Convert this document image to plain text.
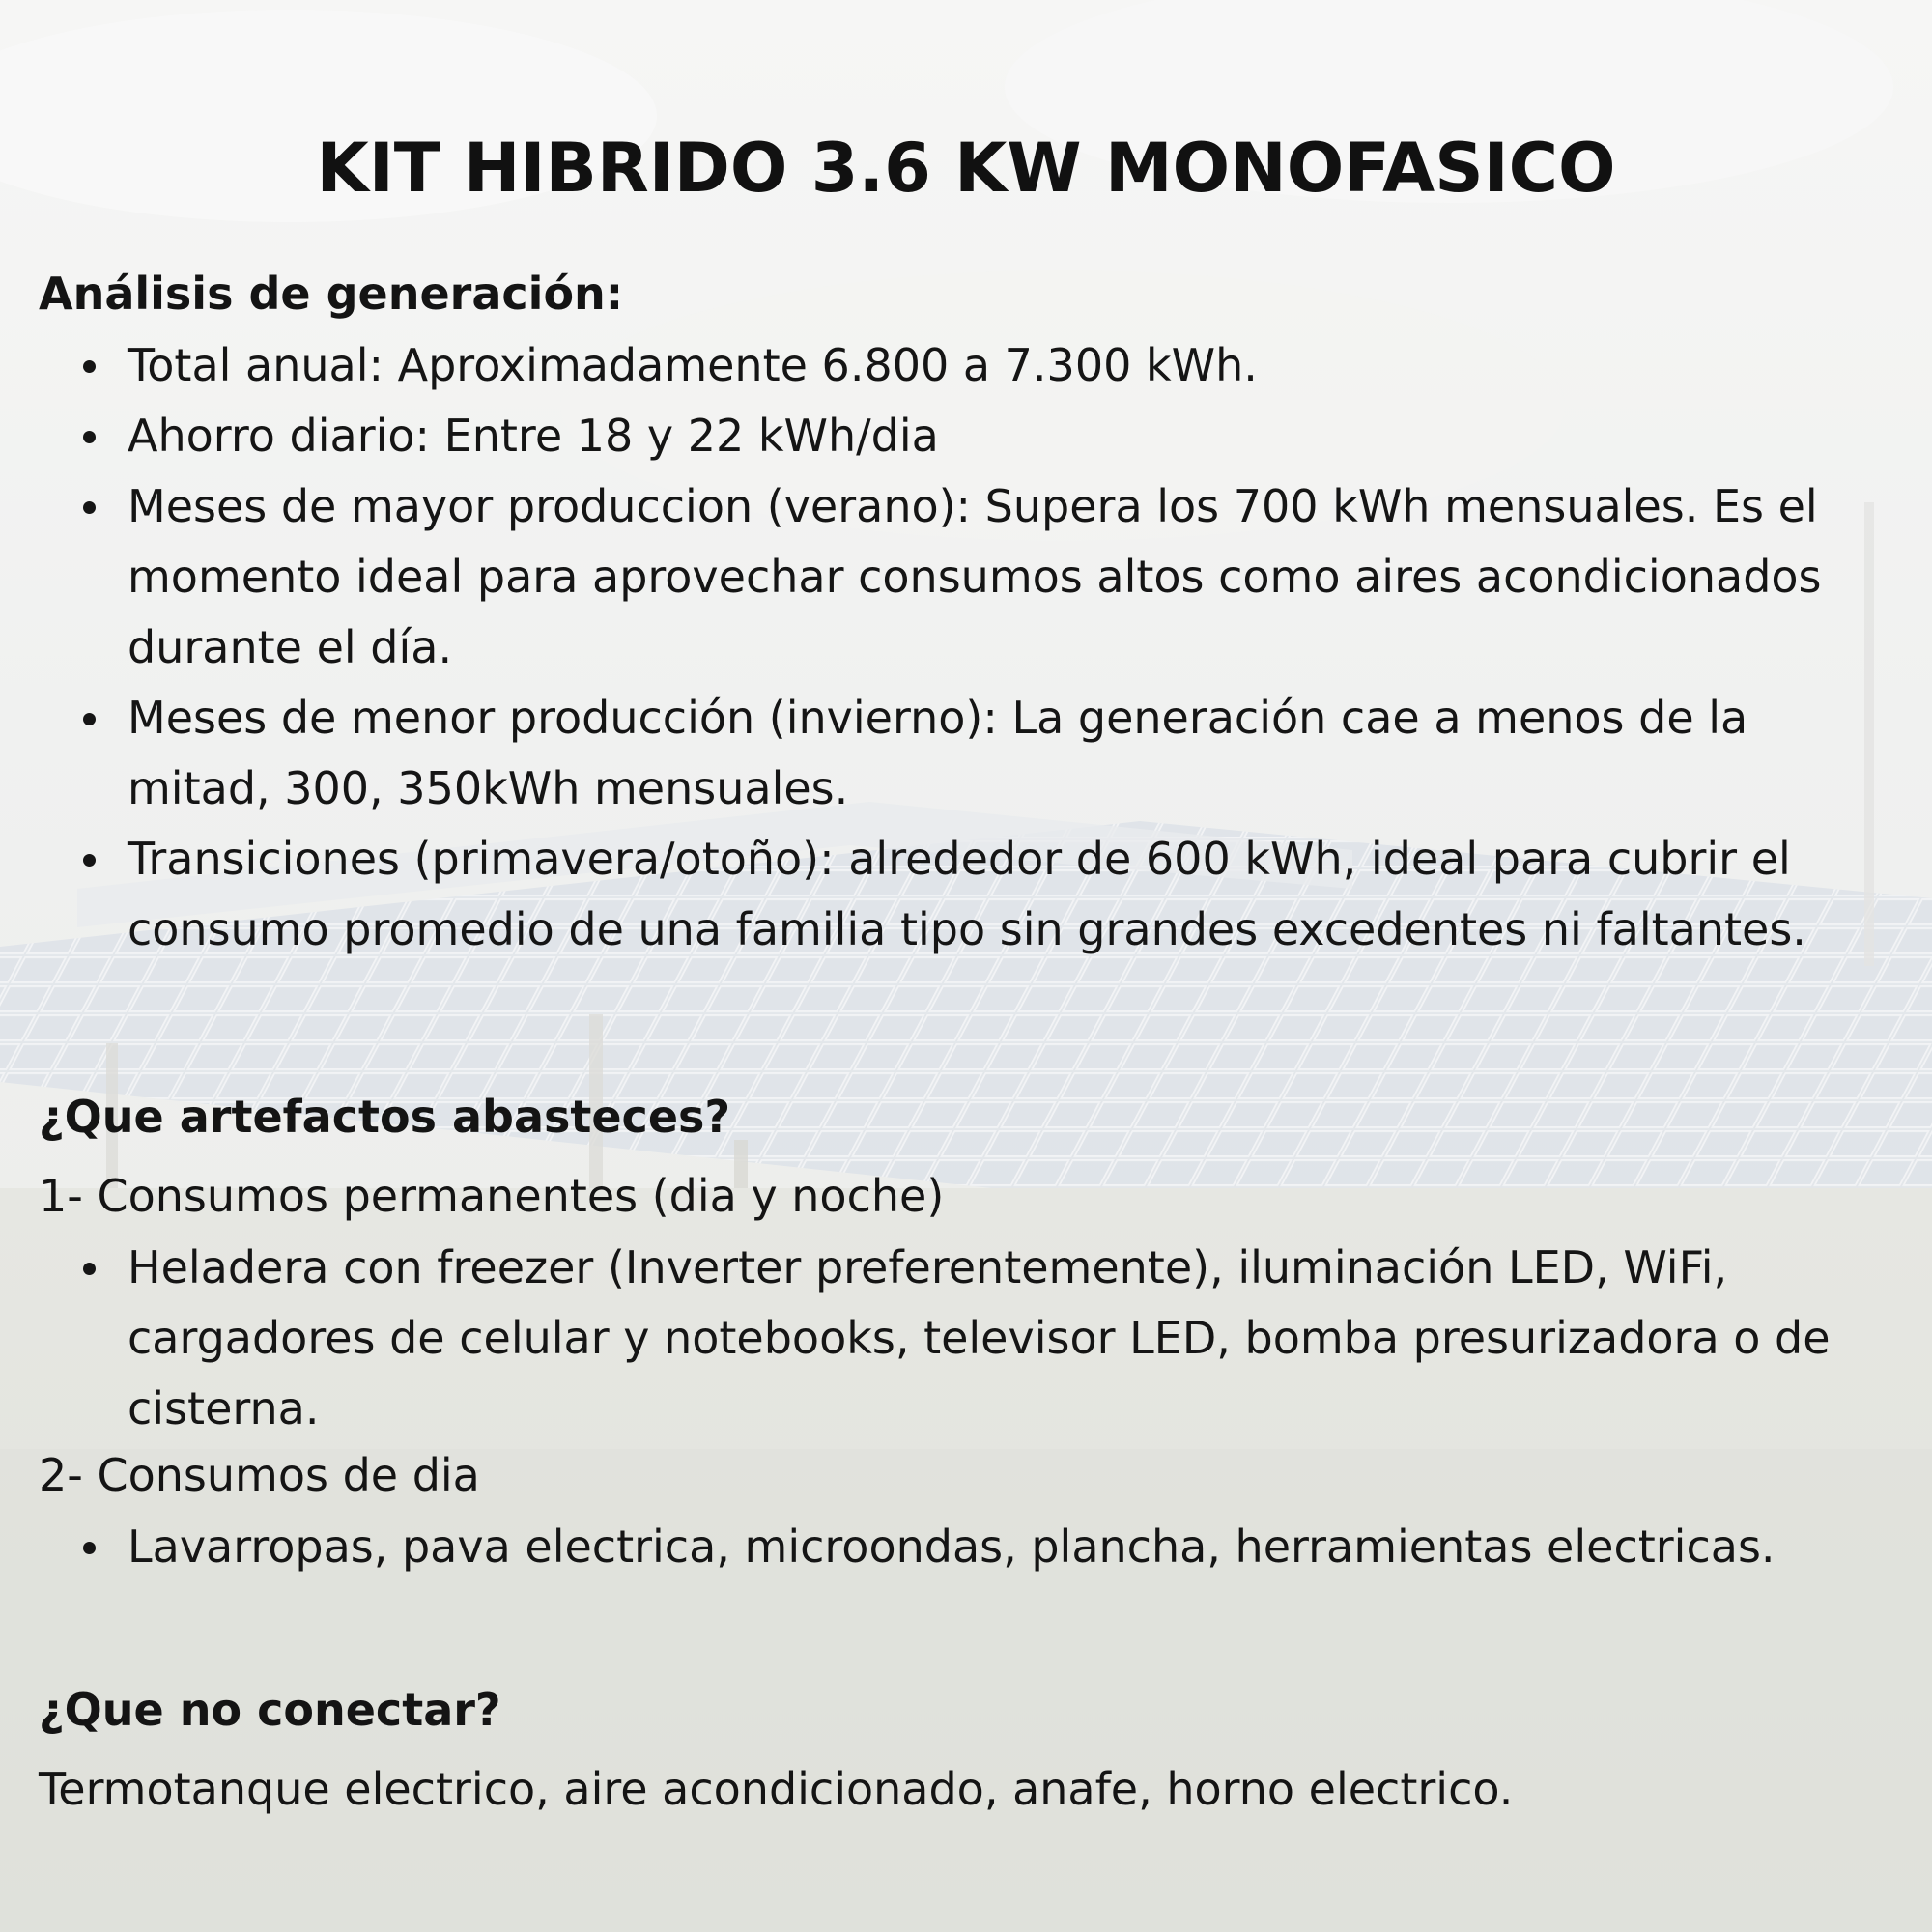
KIT HIBRIDO 3.6 KW MONOFASICO

Análisis de generación:

Total anual: Aproximadamente 6.800 a 7.300 kWh.
Ahorro diario: Entre 18 y 22 kWh/dia
Meses de mayor produccion (verano): Supera los 700 kWh mensuales. Es el momento ideal para aprovechar consumos altos como aires acondicionados durante el día.
Meses de menor producción (invierno): La generación cae a menos de la mitad, 300, 350kWh mensuales.
Transiciones (primavera/otoño): alrededor de 600 kWh, ideal para cubrir el consumo promedio de una familia tipo sin grandes excedentes ni faltantes.

¿Que artefactos abasteces?

1- Consumos permanentes (dia y noche)

Heladera con freezer (Inverter preferentemente), iluminación LED, WiFi, cargadores de celular y notebooks, televisor LED, bomba presurizadora o de cisterna.

2- Consumos de dia

Lavarropas, pava electrica, microondas, plancha, herramientas electricas.

¿Que no conectar?

Termotanque electrico, aire acondicionado, anafe, horno electrico.
